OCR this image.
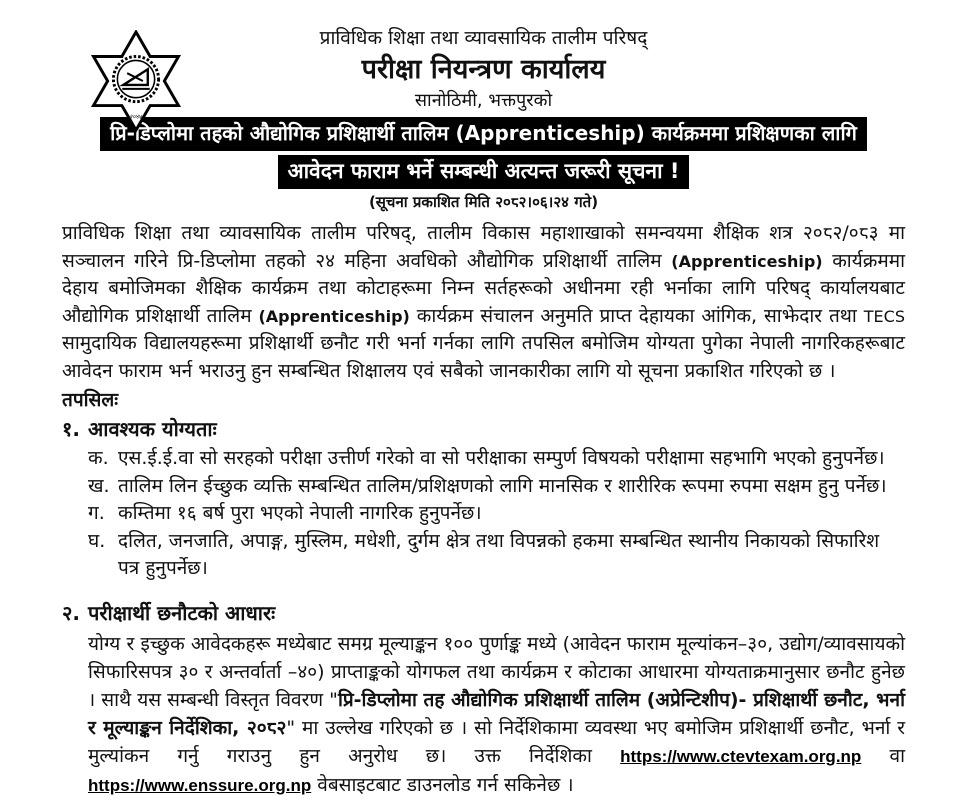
२०४५
प्राविधिक शिक्षा तथा व्यावसायिक तालीम परिषद्
परीक्षा नियन्त्रण कार्यालय
सानोठिमी, भक्तपुरको
प्रि-डिप्लोमा तहको औद्योगिक प्रशिक्षार्थी तालिम (Apprenticeship) कार्यक्रममा प्रशिक्षणका लागि
आवेदन फाराम भर्ने सम्बन्धी अत्यन्त जरूरी सूचना !
(सूचना प्रकाशित मिति २०८२।०६।२४ गते)

प्राविधिक शिक्षा तथा व्यावसायिक तालीम परिषद्, तालीम विकास महाशाखाको समन्वयमा शैक्षिक शत्र २०८२/०८३ मा सञ्चालन गरिने प्रि-डिप्लोमा तहको २४ महिना अवधिको औद्योगिक प्रशिक्षार्थी तालिम (Apprenticeship) कार्यक्रममा देहाय बमोजिमका शैक्षिक कार्यक्रम तथा कोटाहरूमा निम्न सर्तहरूको अधीनमा रही भर्नाका लागि परिषद् कार्यालयबाट औद्योगिक प्रशिक्षार्थी तालिम (Apprenticeship) कार्यक्रम संचालन अनुमति प्राप्त देहायका आंगिक, साझेदार तथा TECS सामुदायिक विद्यालयहरूमा प्रशिक्षार्थी छनौट गरी भर्ना गर्नका लागि तपसिल बमोजिम योग्यता पुगेका नेपाली नागरिकहरूबाट आवेदन फाराम भर्न भराउनु हुन सम्बन्धित शिक्षालय एवं सबैको जानकारीका लागि यो सूचना प्रकाशित गरिएको छ ।

तपसिलः
१. आवश्यक योग्यताः
क. एस.ई.ई.वा सो सरहको परीक्षा उत्तीर्ण गरेको वा सो परीक्षाका सम्पुर्ण विषयको परीक्षामा सहभागि भएको हुनुपर्नेछ।
ख. तालिम लिन ईच्छुक व्यक्ति सम्बन्धित तालिम/प्रशिक्षणको लागि मानसिक र शारीरिक रूपमा रुपमा सक्षम हुनु पर्नेछ।
ग. कम्तिमा १६ बर्ष पुरा भएको नेपाली नागरिक हुनुपर्नेछ।
घ. दलित, जनजाति, अपाङ्ग, मुस्लिम, मधेशी, दुर्गम क्षेत्र तथा विपन्नको हकमा सम्बन्धित स्थानीय निकायको सिफारिश पत्र हुनुपर्नेछ।
२. परीक्षार्थी छनौटको आधारः

योग्य र इच्छुक आवेदकहरू मध्येबाट समग्र मूल्याङ्कन १०० पुर्णाङ्क मध्ये (आवेदन फाराम मूल्यांकन–३०, उद्योग/व्यावसायको सिफारिसपत्र ३० र अन्तर्वार्ता –४०) प्राप्ताङ्कको योगफल तथा कार्यक्रम र कोटाका आधारमा योग्यताक्रमानुसार छनौट हुनेछ । साथै यस सम्बन्धी विस्तृत विवरण "प्रि-डिप्लोमा तह औद्योगिक प्रशिक्षार्थी तालिम (अप्रेन्टिशीप)- प्रशिक्षार्थी छनौट, भर्ना र मूल्याङ्कन निर्देशिका, २०८२" मा उल्लेख गरिएको छ । सो निर्देशिकामा व्यवस्था भए बमोजिम प्रशिक्षार्थी छनौट, भर्ना र मुल्यांकन गर्नु गराउनु हुन अनुरोध छ। उक्त निर्देशिका https://www.ctevtexam.org.np वा https://www.enssure.org.np वेबसाइटबाट डाउनलोड गर्न सकिनेछ ।
